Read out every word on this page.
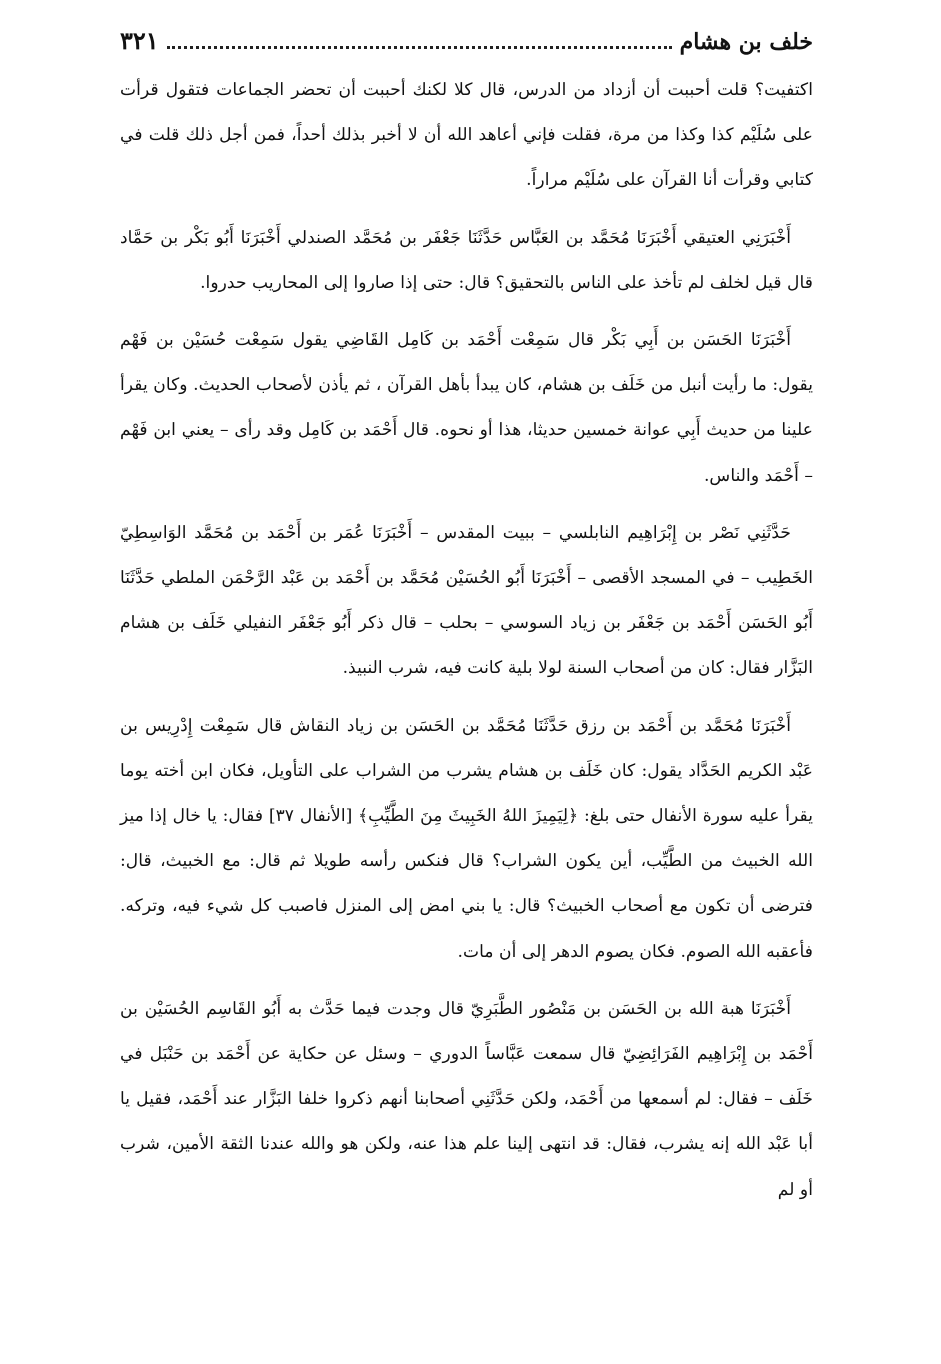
خلف بن هشام
٣٢١

اكتفيت؟ قلت أحببت أن أزداد من الدرس، قال كلا لكنك أحببت أن تحضر الجماعات فتقول قرأت على سُلَيْم كذا وكذا من مرة، فقلت فإني أعاهد الله أن لا أخبر بذلك أحداً، فمن أجل ذلك قلت في كتابي وقرأت أنا القرآن على سُلَيْم مراراً.

أَخْبَرَنِي العتيقي أَخْبَرَنَا مُحَمَّد بن العَبَّاس حَدَّثَنَا جَعْفَر بن مُحَمَّد الصندلي أَخْبَرَنَا أَبُو بَكْر بن حَمَّاد قال قيل لخلف لم تأخذ على الناس بالتحقيق؟ قال: حتى إذا صاروا إلى المحاريب حدروا.

أَخْبَرَنَا الحَسَن بن أَبِي بَكْر قال سَمِعْت أَحْمَد بن كَامِل القَاضِي يقول سَمِعْت حُسَيْن بن فَهْم يقول: ما رأيت أنبل من خَلَف بن هشام، كان يبدأ بأهل القرآن ، ثم يأذن لأصحاب الحديث. وكان يقرأ علينا من حديث أَبِي عوانة خمسين حديثا، هذا أو نحوه. قال أَحْمَد بن كَامِل وقد رأى – يعني ابن فَهْم – أَحْمَد والناس.

حَدَّثَنِي نَصْر بن إِبْرَاهِيم النابلسي – ببيت المقدس – أَخْبَرَنَا عُمَر بن أَحْمَد بن مُحَمَّد الوَاسِطِيّ الخَطِيب – في المسجد الأقصى – أَخْبَرَنَا أَبُو الحُسَيْن مُحَمَّد بن أَحْمَد بن عَبْد الرَّحْمَن الملطي حَدَّثَنَا أَبُو الحَسَن أَحْمَد بن جَعْفَر بن زياد السوسي – بحلب – قال ذكر أَبُو جَعْفَر النفيلي خَلَف بن هشام البَزَّار فقال: كان من أصحاب السنة لولا بلية كانت فيه، شرب النبيذ.

أَخْبَرَنَا مُحَمَّد بن أَحْمَد بن رزق حَدَّثَنَا مُحَمَّد بن الحَسَن بن زياد النقاش قال سَمِعْت إِدْرِيس بن عَبْد الكريم الحَدَّاد يقول: كان خَلَف بن هشام يشرب من الشراب على التأويل، فكان ابن أخته يوما يقرأ عليه سورة الأنفال حتى بلغ: ﴿لِيَمِيزَ اللهُ الخَبِيثَ مِنَ الطَّيِّبِ﴾ [الأنفال ٣٧] فقال: يا خال إذا ميز الله الخبيث من الطَّيِّب، أين يكون الشراب؟ قال فنكس رأسه طويلا ثم قال: مع الخبيث، قال: فترضى أن تكون مع أصحاب الخبيث؟ قال: يا بني امض إلى المنزل فاصبب كل شيء فيه، وتركه. فأعقبه الله الصوم. فكان يصوم الدهر إلى أن مات.

أَخْبَرَنَا هبة الله بن الحَسَن بن مَنْصُور الطَّبَرِيّ قال وجدت فيما حَدَّث به أَبُو القَاسِم الحُسَيْن بن أَحْمَد بن إِبْرَاهِيم الفَرَائِضِيّ قال سمعت عَبَّاساً الدوري – وسئل عن حكاية عن أَحْمَد بن حَنْبَل في خَلَف – فقال: لم أسمعها من أَحْمَد، ولكن حَدَّثَنِي أصحابنا أنهم ذكروا خلفا البَزَّار عند أَحْمَد، فقيل يا أبا عَبْد الله إنه يشرب، فقال: قد انتهى إلينا علم هذا عنه، ولكن هو والله عندنا الثقة الأمين، شرب أو لم
